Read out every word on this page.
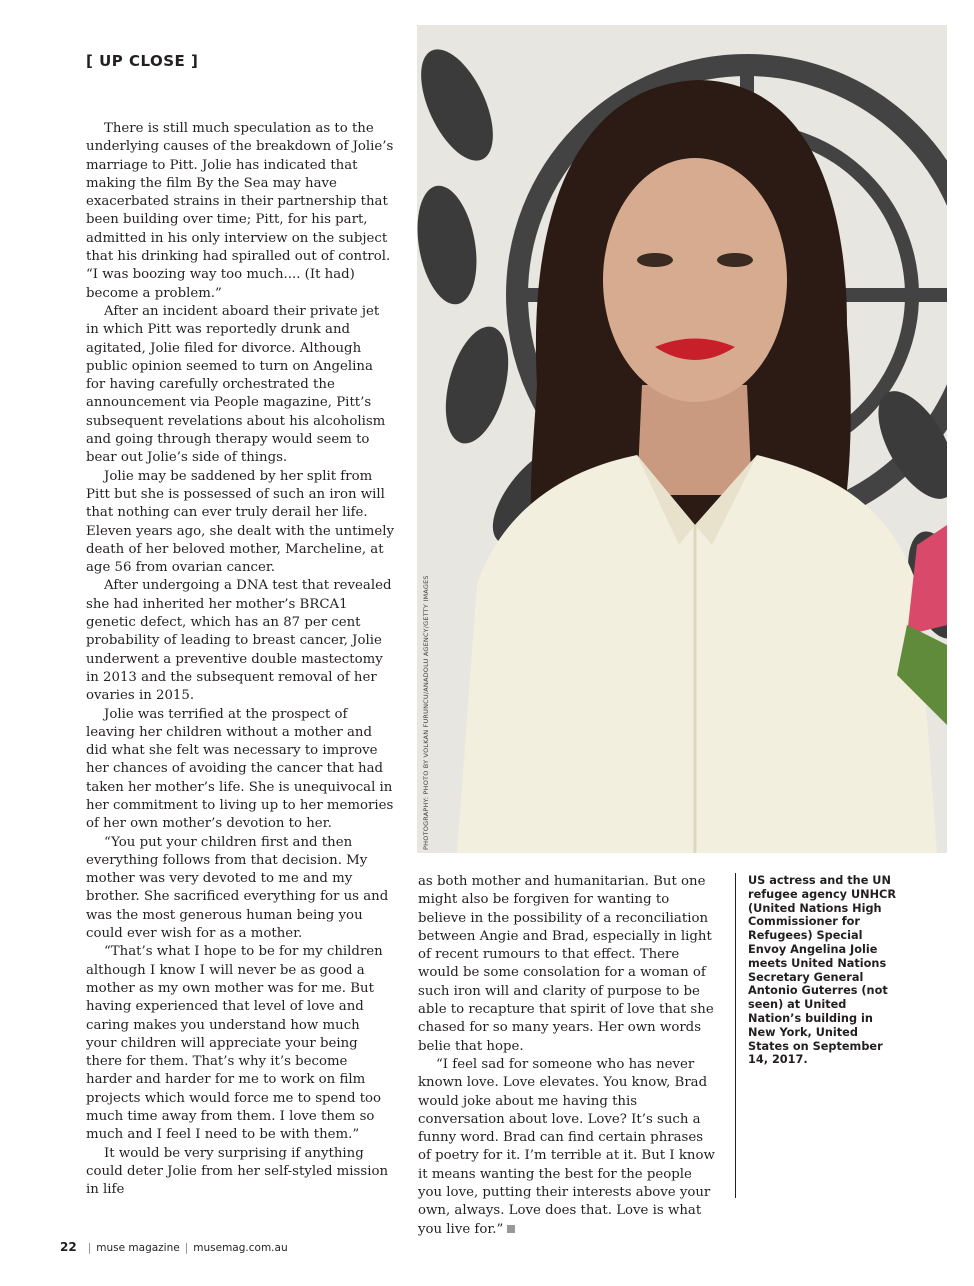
[ UP CLOSE ]

There is still much speculation as to the underlying causes of the breakdown of Jolie’s marriage to Pitt. Jolie has indicated that making the film By the Sea may have exacerbated strains in their partnership that been building over time; Pitt, for his part, admitted in his only interview on the subject that his drinking had spiralled out of control. “I was boozing way too much.... (It had) become a problem.”

After an incident aboard their private jet in which Pitt was reportedly drunk and agitated, Jolie filed for divorce. Although public opinion seemed to turn on Angelina for having carefully orchestrated the announcement via People magazine, Pitt’s subsequent revelations about his alcoholism and going through therapy would seem to bear out Jolie’s side of things.

Jolie may be saddened by her split from Pitt but she is possessed of such an iron will that nothing can ever truly derail her life. Eleven years ago, she dealt with the untimely death of her beloved mother, Marcheline, at age 56 from ovarian cancer.

After undergoing a DNA test that revealed she had inherited her mother’s BRCA1 genetic defect, which has an 87 per cent probability of leading to breast cancer, Jolie underwent a preventive double mastectomy in 2013 and the subsequent removal of her ovaries in 2015.

Jolie was terrified at the prospect of leaving her children without a mother and did what she felt was necessary to improve her chances of avoiding the cancer that had taken her mother’s life. She is unequivocal in her commitment to living up to her memories of her own mother’s devotion to her.

“You put your children first and then everything follows from that decision. My mother was very devoted to me and my brother. She sacrificed everything for us and was the most generous human being you could ever wish for as a mother.

“That’s what I hope to be for my children although I know I will never be as good a mother as my own mother was for me. But having experienced that level of love and caring makes you understand how much your children will appreciate your being there for them. That’s why it’s become harder and harder for me to work on film projects which would force me to spend too much time away from them. I love them so much and I feel I need to be with them.”

It would be very surprising if anything could deter Jolie from her self-styled mission in life

PHOTOGRAPHY: PHOTO BY VOLKAN FURUNCU/ANADOLU AGENCY/GETTY IMAGES

as both mother and humanitarian. But one might also be forgiven for wanting to believe in the possibility of a reconciliation between Angie and Brad, especially in light of recent rumours to that effect. There would be some consolation for a woman of such iron will and clarity of purpose to be able to recapture that spirit of love that she chased for so many years. Her own words belie that hope.

“I feel sad for someone who has never known love. Love elevates. You know, Brad would joke about me having this conversation about love. Love? It’s such a funny word. Brad can find certain phrases of poetry for it. I’m terrible at it. But I know it means wanting the best for the people you love, putting their interests above your own, always. Love does that. Love is what you live for.”

US actress and the UN refugee agency UNHCR (United Nations High Commissioner for Refugees) Special Envoy Angelina Jolie meets United Nations Secretary General Antonio Guterres (not seen) at United Nation’s building in New York, United States on September 14, 2017.
22 | muse magazine | musemag.com.au
